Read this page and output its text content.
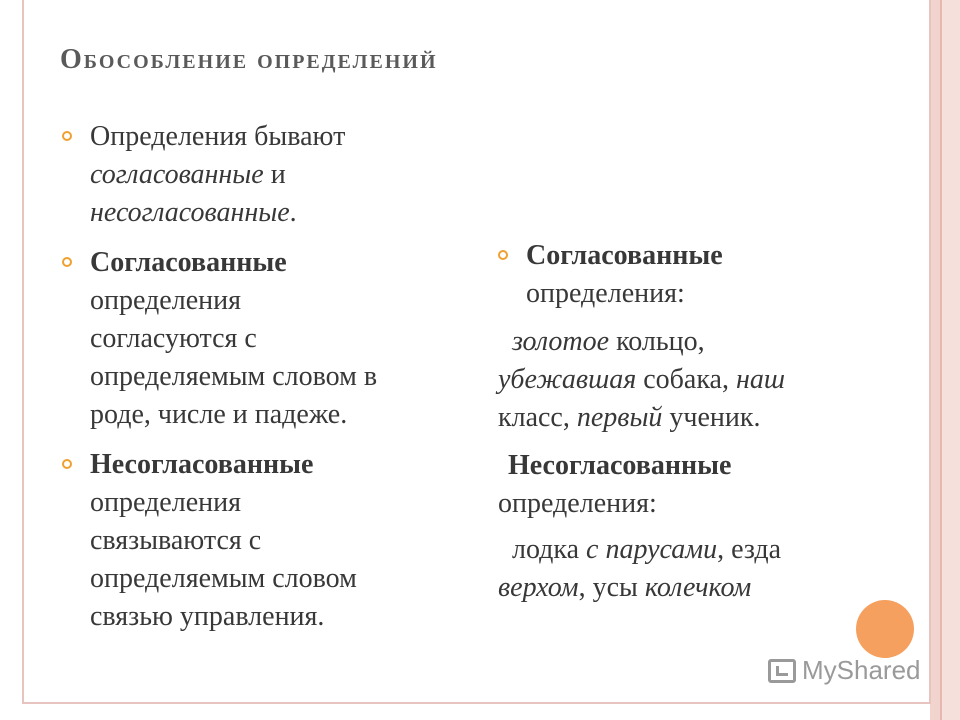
Обособление определений
Определения бывают
согласованные и
несогласованные.
Согласованные
определения
согласуются с
определяемым словом в
роде, числе и падеже.
Несогласованные
определения
связываются с
определяемым словом
связью управления.
Согласованные
определения:
золотое кольцо,
убежавшая собака, наш
класс, первый ученик.
Несогласованные
определения:
лодка с парусами, езда
верхом, усы колечком
MyShared
